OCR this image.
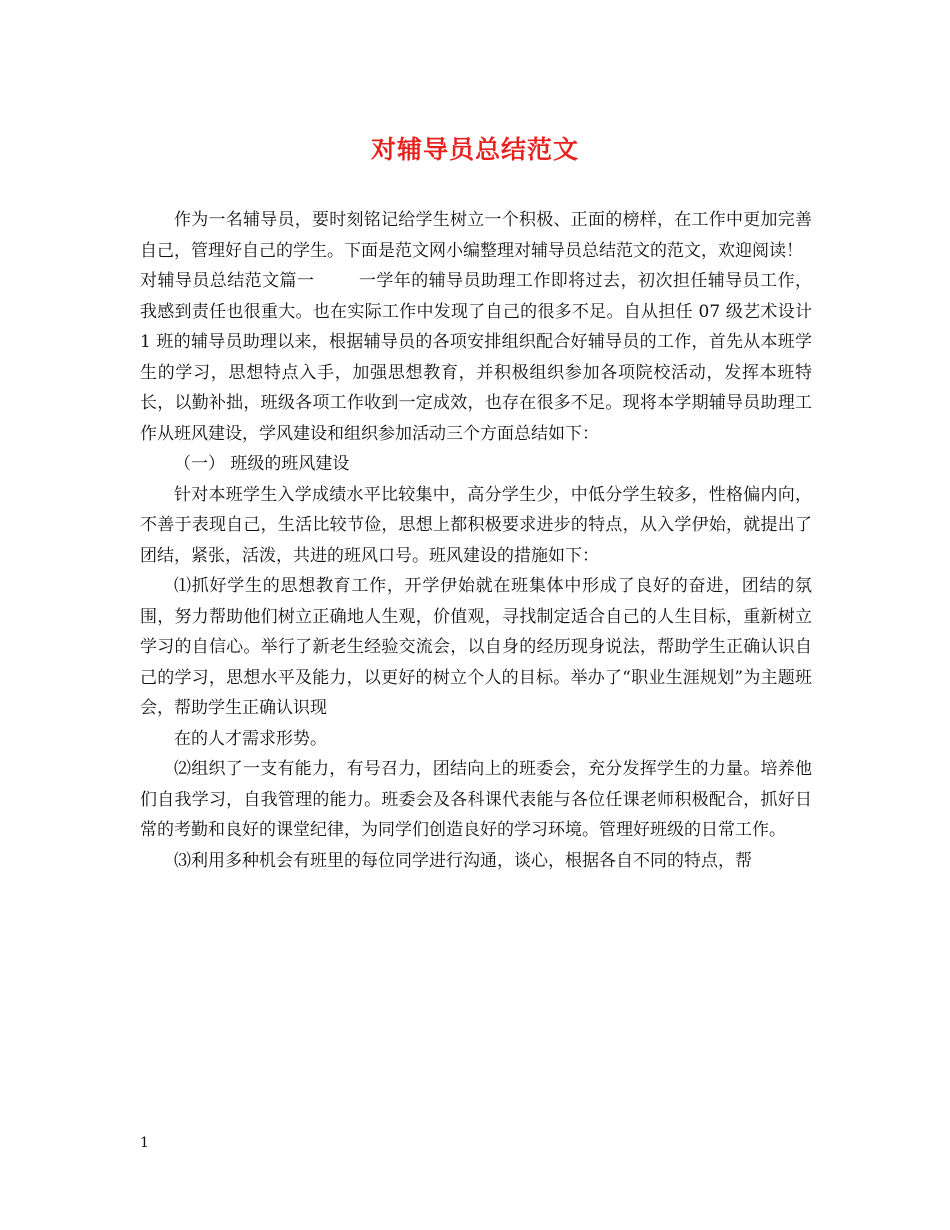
对辅导员总结范文

作为一名辅导员，要时刻铭记给学生树立一个积极、正面的榜样，在工作中更加完善自己，管理好自己的学生。下面是范文网小编整理对辅导员总结范文的范文，欢迎阅读！

对辅导员总结范文篇一	一学年的辅导员助理工作即将过去，初次担任辅导员工作，我感到责任也很重大。也在实际工作中发现了自己的很多不足。自从担任 07 级艺术设计 1 班的辅导员助理以来，根据辅导员的各项安排组织配合好辅导员的工作，首先从本班学生的学习，思想特点入手，加强思想教育，并积极组织参加各项院校活动，发挥本班特长，以勤补拙，班级各项工作收到一定成效，也存在很多不足。现将本学期辅导员助理工作从班风建设，学风建设和组织参加活动三个方面总结如下：

（一） 班级的班风建设

针对本班学生入学成绩水平比较集中，高分学生少，中低分学生较多，性格偏内向，不善于表现自己，生活比较节俭，思想上都积极要求进步的特点，从入学伊始，就提出了团结，紧张，活泼，共进的班风口号。班风建设的措施如下：

⑴抓好学生的思想教育工作，开学伊始就在班集体中形成了良好的奋进，团结的氛围，努力帮助他们树立正确地人生观，价值观，寻找制定适合自己的人生目标，重新树立学习的自信心。举行了新老生经验交流会，以自身的经历现身说法，帮助学生正确认识自己的学习，思想水平及能力，以更好的树立个人的目标。举办了“职业生涯规划”为主题班会，帮助学生正确认识现

在的人才需求形势。

⑵组织了一支有能力，有号召力，团结向上的班委会，充分发挥学生的力量。培养他们自我学习，自我管理的能力。班委会及各科课代表能与各位任课老师积极配合，抓好日常的考勤和良好的课堂纪律，为同学们创造良好的学习环境。管理好班级的日常工作。

⑶利用多种机会有班里的每位同学进行沟通，谈心，根据各自不同的特点，帮

1
